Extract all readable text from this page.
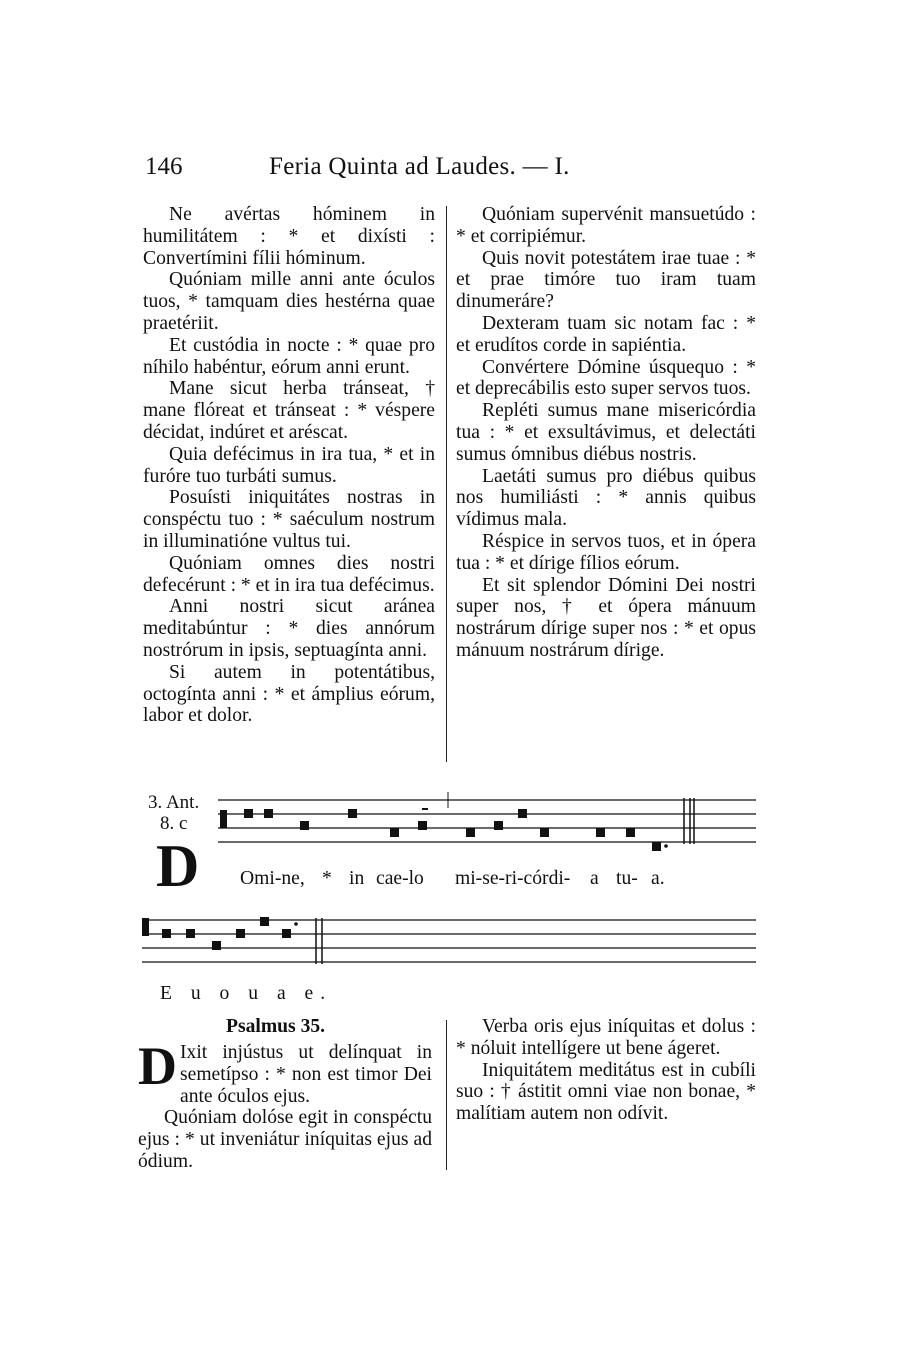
146	Feria Quinta ad Laudes. — I.

Ne avértas hóminem in humilitátem : * et dixísti : Convertímini fílii hóminum.

Quóniam mille anni ante óculos tuos, * tamquam dies hestérna quae praetériit.

Et custódia in nocte : * quae pro níhilo habéntur, eórum anni erunt.

Mane sicut herba tránseat, † mane flóreat et tránseat : * véspere décidat, indúret et aréscat.

Quia defécimus in ira tua, * et in furóre tuo turbáti sumus.

Posuísti iniquitátes nostras in conspéctu tuo : * saéculum nostrum in illuminatióne vultus tui.

Quóniam omnes dies nostri defecérunt : * et in ira tua defécimus.

Anni nostri sicut aránea meditabúntur : * dies annórum nostrórum in ipsis, septuagínta anni.

Si autem in potentátibus, octogínta anni : * et ámplius eórum, labor et dolor.

Quóniam supervénit mansuetúdo : * et corripiémur.

Quis novit potestátem irae tuae : * et prae timóre tuo iram tuam dinumeráre?

Dexteram tuam sic notam fac : * et erudítos corde in sapiéntia.

Convértere Dómine úsquequo : * et deprecábilis esto super servos tuos.

Repléti sumus mane misericórdia tua : * et exsultávimus, et delectáti sumus ómnibus diébus nostris.

Laetáti sumus pro diébus quibus nos humiliásti : * annis quibus vídimus mala.

Réspice in servos tuos, et in ópera tua : * et dírige fílios eórum.

Et sit splendor Dómini Dei nostri super nos, † et ópera mánuum nostrárum dírige super nos : * et opus mánuum nostrárum dírige.

3. Ant.
8. c
D Omi-ne, * in cae-lo mi-se-ri-córdi- a tu- a.
E u o u a e.
Psalmus 35.

D Ixit injústus ut delínquat in semetípso : * non est timor Dei ante óculos ejus.

Quóniam dolóse egit in conspéctu ejus : * ut inveniátur iníquitas ejus ad ódium.

Verba oris ejus iníquitas et dolus : * nóluit intellígere ut bene ágeret.

Iniquitátem meditátus est in cubíli suo : † ástitit omni viae non bonae, * malítiam autem non odívit.
